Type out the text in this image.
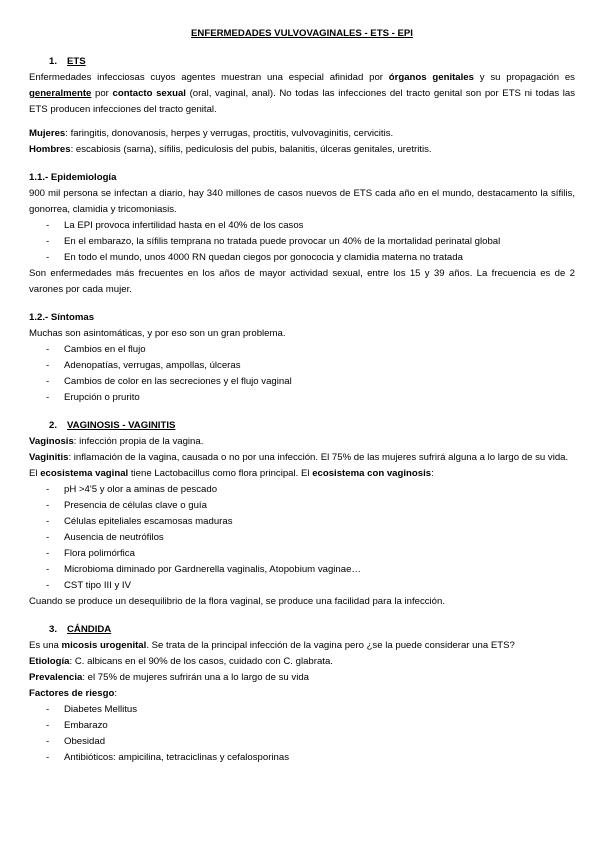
ENFERMEDADES VULVOVAGINALES - ETS - EPI
1. ETS

Enfermedades infecciosas cuyos agentes muestran una especial afinidad por órganos genitales y su propagación es generalmente por contacto sexual (oral, vaginal, anal). No todas las infecciones del tracto genital son por ETS ni todas las ETS producen infecciones del tracto genital.

Mujeres: faringitis, donovanosis, herpes y verrugas, proctitis, vulvovaginitis, cervicitis.

Hombres: escabiosis (sarna), sífilis, pediculosis del pubis, balanitis, úlceras genitales, uretritis.

1.1.- Epidemiología

900 mil persona se infectan a diario, hay 340 millones de casos nuevos de ETS cada año en el mundo, destacamento la sífilis, gonorrea, clamidia y tricomoniasis.

- La EPI provoca infertilidad hasta en el 40% de los casos
- En el embarazo, la sífilis temprana no tratada puede provocar un 40% de la mortalidad perinatal global
- En todo el mundo, unos 4000 RN quedan ciegos por gonococia y clamidia materna no tratada

Son enfermedades más frecuentes en los años de mayor actividad sexual, entre los 15 y 39 años. La frecuencia es de 2 varones por cada mujer.

1.2.- Síntomas

Muchas son asintomáticas, y por eso son un gran problema.

- Cambios en el flujo
- Adenopatías, verrugas, ampollas, úlceras
- Cambios de color en las secreciones y el flujo vaginal
- Erupción o prurito
2. VAGINOSIS - VAGINITIS

Vaginosis: infección propia de la vagina.

Vaginitis: inflamación de la vagina, causada o no por una infección. El 75% de las mujeres sufrirá alguna a lo largo de su vida.

El ecosistema vaginal tiene Lactobacillus como flora principal. El ecosistema con vaginosis:

- pH >4'5 y olor a aminas de pescado
- Presencia de células clave o guía
- Células epiteliales escamosas maduras
- Ausencia de neutrófilos
- Flora polimórfica
- Microbioma diminado por Gardnerella vaginalis, Atopobium vaginae…
- CST tipo III y IV

Cuando se produce un desequilibrio de la flora vaginal, se produce una facilidad para la infección.

3. CÁNDIDA

Es una micosis urogenital. Se trata de la principal infección de la vagina pero ¿se la puede considerar una ETS?

Etiología: C. albicans en el 90% de los casos, cuidado con C. glabrata.

Prevalencia: el 75% de mujeres sufrirán una a lo largo de su vida

Factores de riesgo:

- Diabetes Mellitus
- Embarazo
- Obesidad
- Antibióticos: ampicilina, tetraciclinas y cefalosporinas
